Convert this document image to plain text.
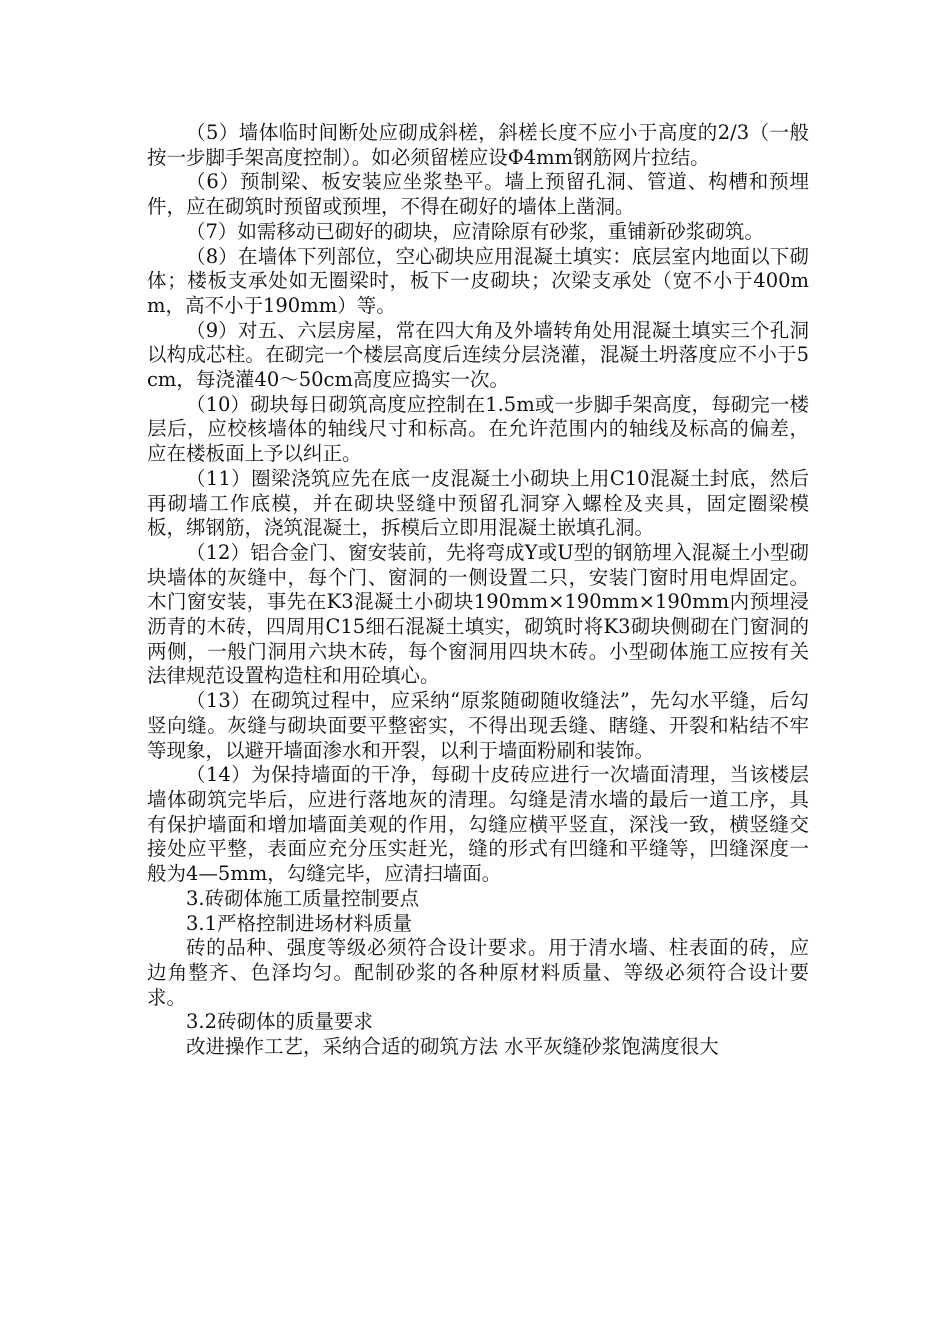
（5）墙体临时间断处应砌成斜槎，斜槎长度不应小于高度的2/3（一般按一步脚手架高度控制）。如必须留槎应设Φ4mm钢筋网片拉结。

（6）预制梁、板安装应坐浆垫平。墙上预留孔洞、管道、构槽和预埋件，应在砌筑时预留或预埋，不得在砌好的墙体上凿洞。

（7）如需移动已砌好的砌块，应清除原有砂浆，重铺新砂浆砌筑。

（8）在墙体下列部位，空心砌块应用混凝土填实：底层室内地面以下砌体；楼板支承处如无圈梁时，板下一皮砌块；次梁支承处（宽不小于400mm，高不小于190mm）等。

（9）对五、六层房屋，常在四大角及外墙转角处用混凝土填实三个孔洞以构成芯柱。在砌完一个楼层高度后连续分层浇灌，混凝土坍落度应不小于5cm，每浇灌40～50cm高度应捣实一次。

（10）砌块每日砌筑高度应控制在1.5m或一步脚手架高度，每砌完一楼层后，应校核墙体的轴线尺寸和标高。在允许范围内的轴线及标高的偏差，应在楼板面上予以纠正。

（11）圈梁浇筑应先在底一皮混凝土小砌块上用C10混凝土封底，然后再砌墙工作底模，并在砌块竖缝中预留孔洞穿入螺栓及夹具，固定圈梁模板，绑钢筋，浇筑混凝土，拆模后立即用混凝土嵌填孔洞。

（12）铝合金门、窗安装前，先将弯成Y或U型的钢筋埋入混凝土小型砌块墙体的灰缝中，每个门、窗洞的一侧设置二只，安装门窗时用电焊固定。木门窗安装，事先在K3混凝土小砌块190mm×190mm×190mm内预埋浸沥青的木砖，四周用C15细石混凝土填实，砌筑时将K3砌块侧砌在门窗洞的两侧，一般门洞用六块木砖，每个窗洞用四块木砖。小型砌体施工应按有关法律规范设置构造柱和用砼填心。

（13）在砌筑过程中，应采纳“原浆随砌随收缝法”，先勾水平缝，后勾竖向缝。灰缝与砌块面要平整密实，不得出现丢缝、瞎缝、开裂和粘结不牢等现象，以避开墙面渗水和开裂，以利于墙面粉刷和装饰。

（14）为保持墙面的干净，每砌十皮砖应进行一次墙面清理，当该楼层墙体砌筑完毕后，应进行落地灰的清理。勾缝是清水墙的最后一道工序，具有保护墙面和增加墙面美观的作用，勾缝应横平竖直，深浅一致，横竖缝交接处应平整，表面应充分压实赶光，缝的形式有凹缝和平缝等，凹缝深度一般为4—5mm，勾缝完毕，应清扫墙面。

3.砖砌体施工质量控制要点

3.1严格控制进场材料质量

砖的品种、强度等级必须符合设计要求。用于清水墙、柱表面的砖，应边角整齐、色泽均匀。配制砂浆的各种原材料质量、等级必须符合设计要求。

3.2砖砌体的质量要求

改进操作工艺，采纳合适的砌筑方法 水平灰缝砂浆饱满度很大
